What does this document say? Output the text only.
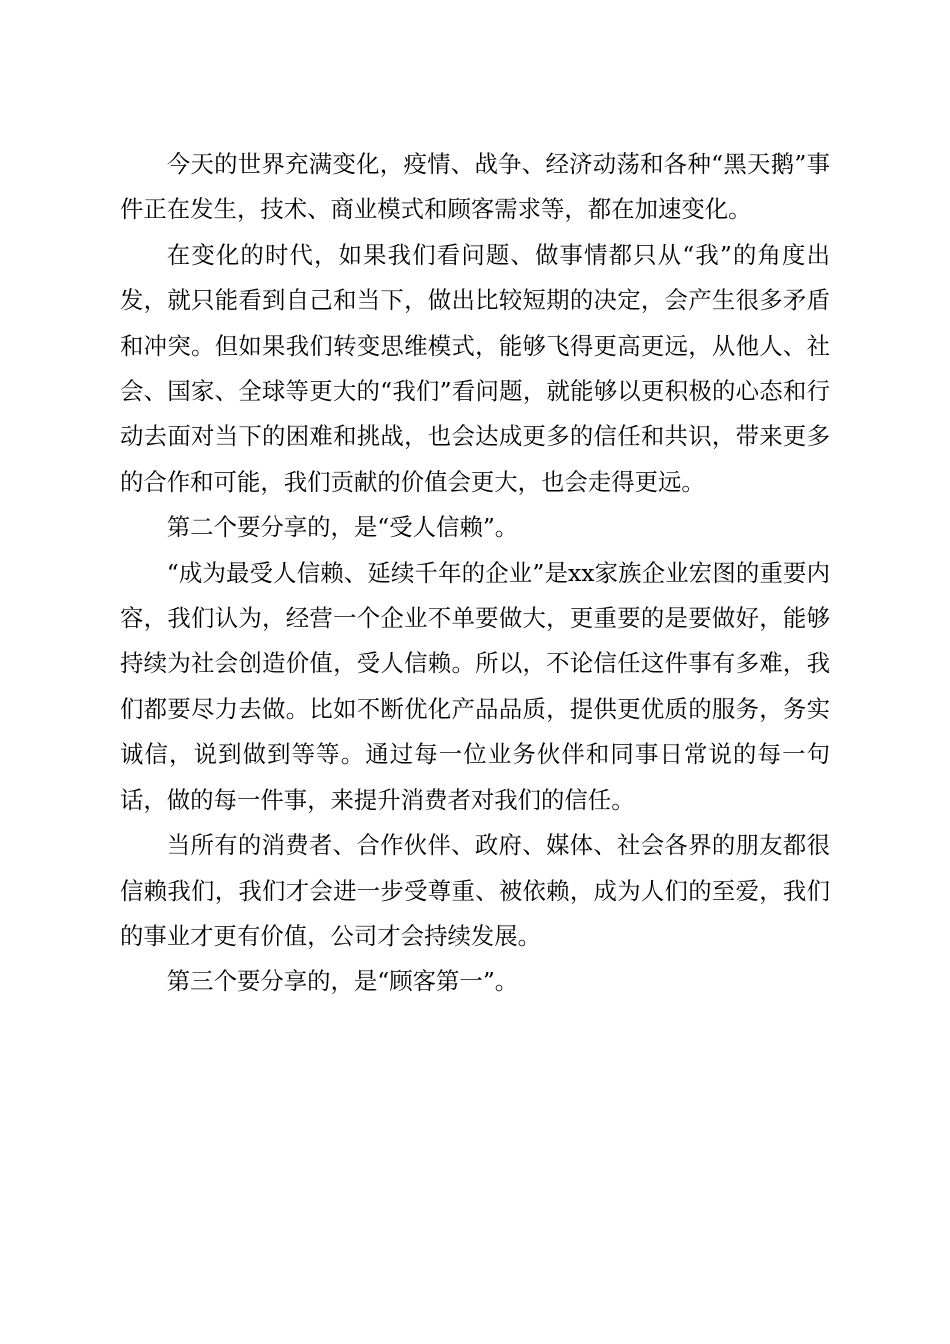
今天的世界充满变化，疫情、战争、经济动荡和各种“黑天鹅”事件正在发生，技术、商业模式和顾客需求等，都在加速变化。

在变化的时代，如果我们看问题、做事情都只从“我”的角度出发，就只能看到自己和当下，做出比较短期的决定，会产生很多矛盾和冲突。但如果我们转变思维模式，能够飞得更高更远，从他人、社会、国家、全球等更大的“我们”看问题，就能够以更积极的心态和行动去面对当下的困难和挑战，也会达成更多的信任和共识，带来更多的合作和可能，我们贡献的价值会更大，也会走得更远。

第二个要分享的，是“受人信赖”。

“成为最受人信赖、延续千年的企业”是xx家族企业宏图的重要内容，我们认为，经营一个企业不单要做大，更重要的是要做好，能够持续为社会创造价值，受人信赖。所以，不论信任这件事有多难，我们都要尽力去做。比如不断优化产品品质，提供更优质的服务，务实诚信，说到做到等等。通过每一位业务伙伴和同事日常说的每一句话，做的每一件事，来提升消费者对我们的信任。

当所有的消费者、合作伙伴、政府、媒体、社会各界的朋友都很信赖我们，我们才会进一步受尊重、被依赖，成为人们的至爱，我们的事业才更有价值，公司才会持续发展。

第三个要分享的，是“顾客第一”。
